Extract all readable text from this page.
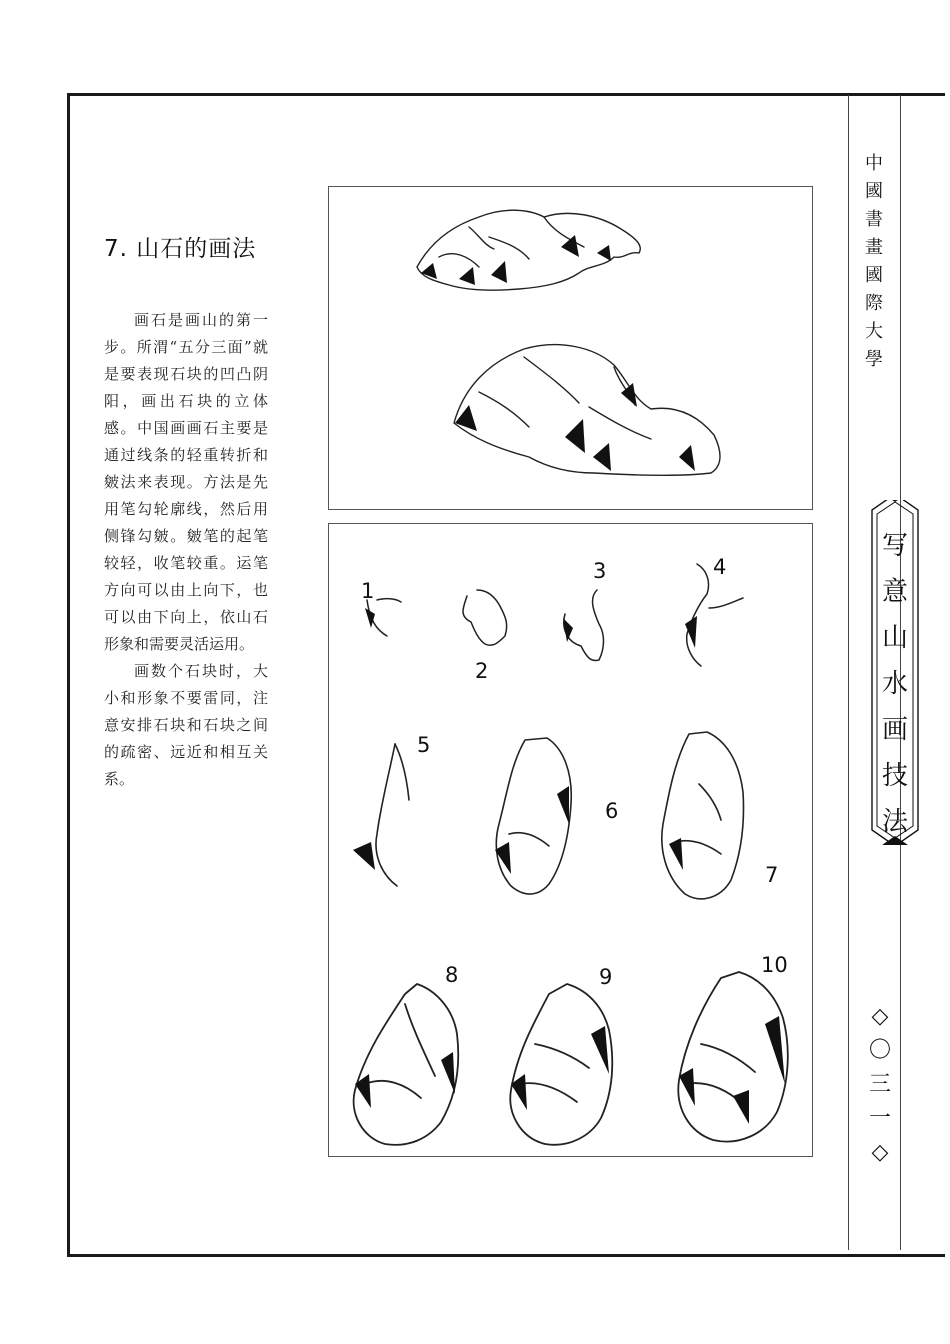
7. 山石的画法

画石是画山的第一步。所渭“五分三面”就是要表现石块的凹凸阴阳，画出石块的立体感。中国画画石主要是通过线条的轻重转折和皴法来表现。方法是先用笔勾轮廓线，然后用侧锋勾皴。皴笔的起笔较轻，收笔较重。运笔方向可以由上向下，也可以由下向上，依山石形象和需要灵活运用。

画数个石块时，大小和形象不要雷同，注意安排石块和石块之间的疏密、远近和相互关系。

1
2
3	4
5
6
7
8	9	10
中
國
書
畫
國
際
大
學
写
意
山
水
画
技
法
◇
〇
三
一
◇
